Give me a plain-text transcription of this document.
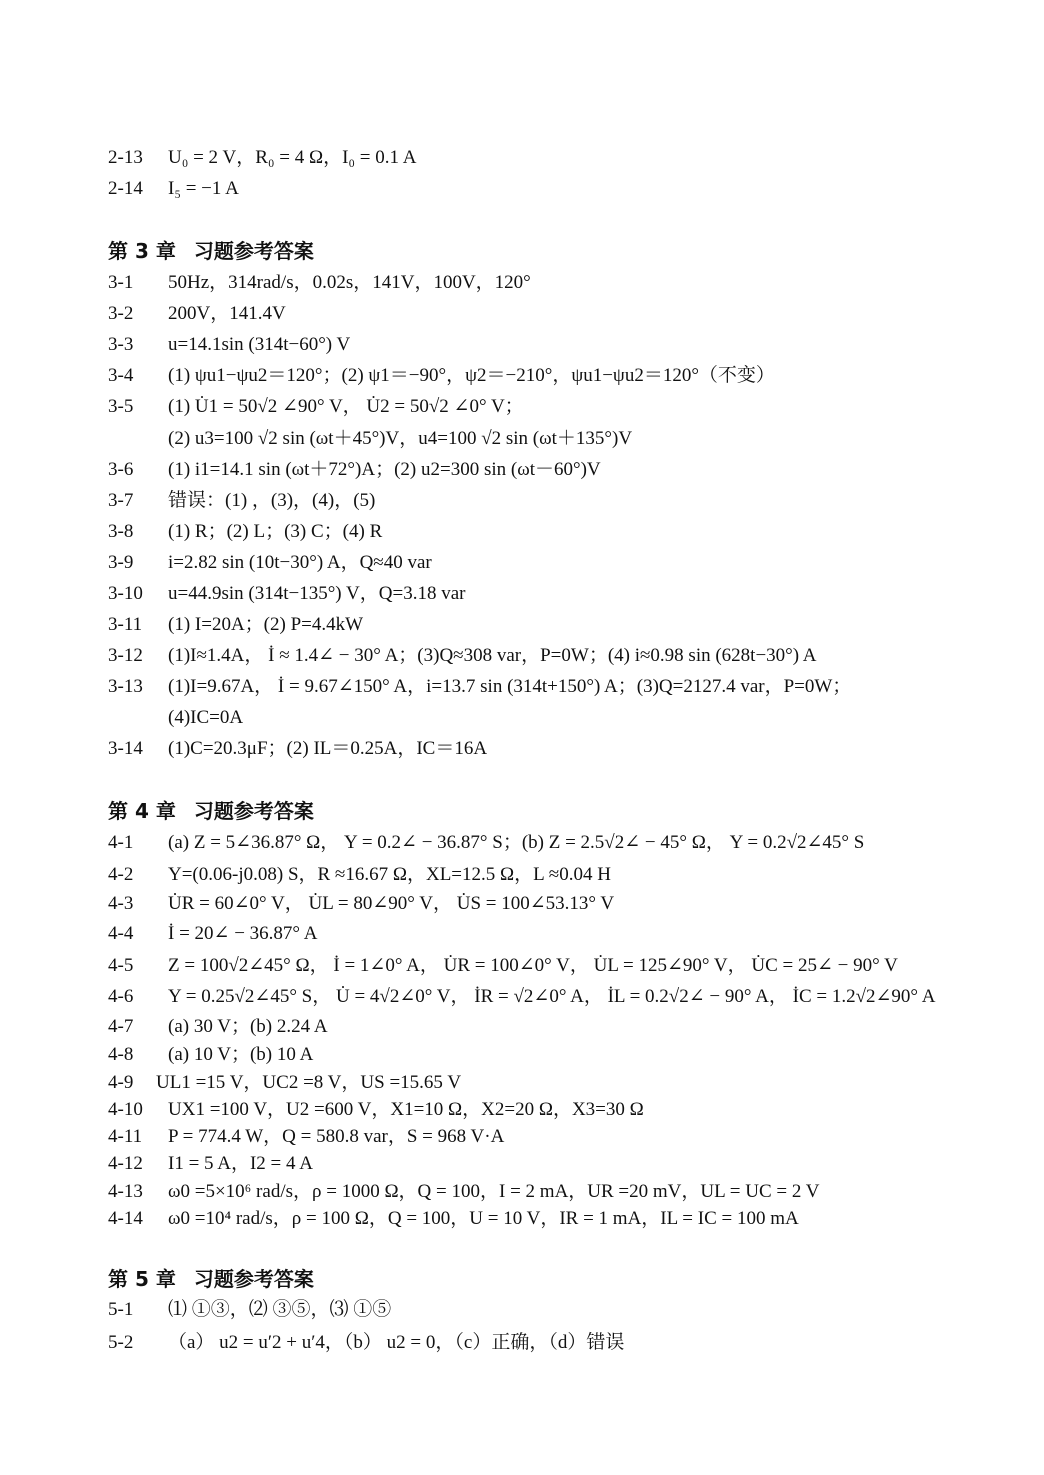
2-13 U₀ = 2 V，R₀ = 4 Ω，I₀ = 0.1 A
2-14 I₅ = −1 A
第 3 章 习题参考答案
3-1 50Hz，314rad/s，0.02s，141V，100V，120°
3-2 200V，141.4V
3-3 u=14.1sin (314t−60°) V
3-4 (1) ψu1−ψu2＝120°；(2) ψ1＝−90°，ψ2＝−210°，ψu1−ψu2＝120°（不变）
3-5 (1) U̇1 = 50√2 ∠90° V， U̇2 = 50√2 ∠0° V；
(2) u3=100 √2 sin (ωt＋45°)V，u4=100 √2 sin (ωt＋135°)V
3-6 (1) i1=14.1 sin (ωt＋72°)A；(2) u2=300 sin (ωt－60°)V
3-7 错误：(1) ，(3)，(4)，(5)
3-8 (1) R；(2) L；(3) C；(4) R
3-9 i=2.82 sin (10t−30°) A，Q≈40 var
3-10 u=44.9sin (314t−135°) V，Q=3.18 var
3-11 (1) I=20A；(2) P=4.4kW
3-12 (1)I≈1.4A， İ ≈ 1.4∠ − 30° A；(3)Q≈308 var，P=0W；(4) i≈0.98 sin (628t−30°) A
3-13 (1)I=9.67A， İ = 9.67∠150° A，i=13.7 sin (314t+150°) A；(3)Q=2127.4 var，P=0W；
(4)IC=0A
3-14 (1)C=20.3μF；(2) IL＝0.25A，IC＝16A
第 4 章 习题参考答案
4-1 (a) Z = 5∠36.87° Ω， Y = 0.2∠ − 36.87° S；(b) Z = 2.5√2∠ − 45° Ω， Y = 0.2√2∠45° S
4-2 Y=(0.06-j0.08) S，R ≈16.67 Ω，XL=12.5 Ω，L ≈0.04 H
4-3 U̇R = 60∠0° V， U̇L = 80∠90° V， U̇S = 100∠53.13° V
4-4 İ = 20∠ − 36.87° A
4-5 Z = 100√2∠45° Ω， İ = 1∠0° A， U̇R = 100∠0° V， U̇L = 125∠90° V， U̇C = 25∠ − 90° V
4-6 Y = 0.25√2∠45° S， U̇ = 4√2∠0° V， İR = √2∠0° A， İL = 0.2√2∠ − 90° A， İC = 1.2√2∠90° A
4-7 (a) 30 V；(b) 2.24 A
4-8 (a) 10 V；(b) 10 A
4-9 UL1 =15 V，UC2 =8 V，US =15.65 V
4-10 UX1 =100 V，U2 =600 V，X1=10 Ω，X2=20 Ω，X3=30 Ω
4-11 P = 774.4 W，Q = 580.8 var，S = 968 V·A
4-12 I1 = 5 A，I2 = 4 A
4-13 ω0 =5×10⁶ rad/s，ρ = 1000 Ω，Q = 100，I = 2 mA，UR =20 mV，UL = UC = 2 V
4-14 ω0 =10⁴ rad/s，ρ = 100 Ω，Q = 100，U = 10 V，IR = 1 mA，IL = IC = 100 mA
第 5 章 习题参考答案
5-1 ⑴ ①③，⑵ ③⑤，⑶ ①⑤
5-2 （a） u2 = u′2 + u′4，（b） u2 = 0，（c）正确，（d）错误
